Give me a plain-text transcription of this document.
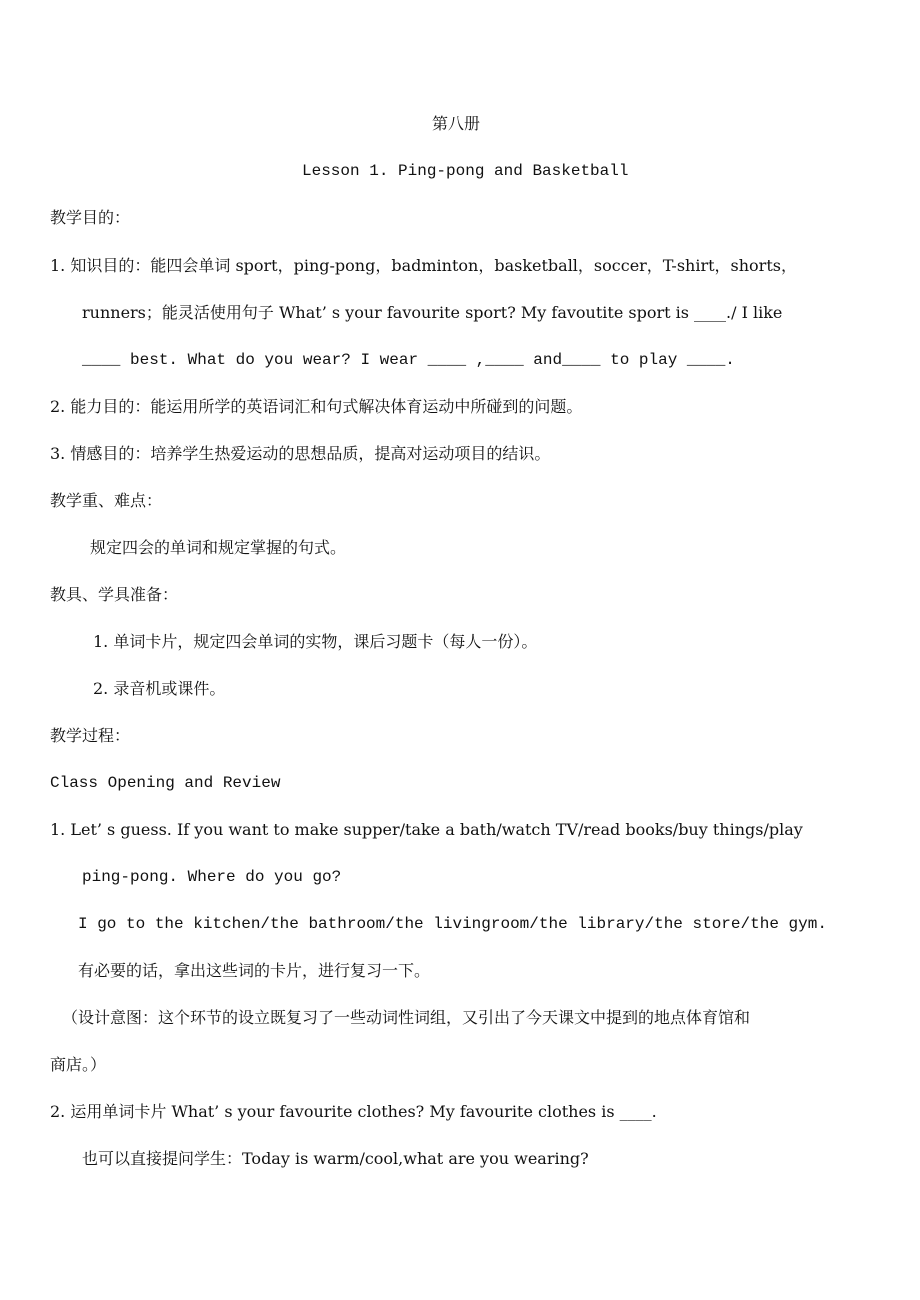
第八册
Lesson 1. Ping-pong and Basketball
教学目的：
1. 知识目的：能四会单词 sport，ping-pong，badminton，basketball，soccer，T-shirt，shorts，
runners；能灵活使用句子 What’ s your favourite sport? My favoutite sport is ____./ I like
____ best. What do you wear? I wear ____ ,____ and____ to play ____.
2. 能力目的：能运用所学的英语词汇和句式解决体育运动中所碰到的问题。
3. 情感目的：培养学生热爱运动的思想品质，提高对运动项目的结识。
教学重、难点：
规定四会的单词和规定掌握的句式。
教具、学具准备：
1. 单词卡片，规定四会单词的实物，课后习题卡（每人一份）。
2. 录音机或课件。
教学过程：
Class Opening and Review
1. Let’ s guess. If you want to make supper/take a bath/watch TV/read books/buy things/play
ping-pong. Where do you go?
I go to the kitchen/the bathroom/the livingroom/the library/the store/the gym.
有必要的话，拿出这些词的卡片，进行复习一下。
（设计意图：这个环节的设立既复习了一些动词性词组，又引出了今天课文中提到的地点体育馆和
商店。）
2. 运用单词卡片 What’ s your favourite clothes? My favourite clothes is ____.
也可以直接提问学生：Today is warm/cool,what are you wearing?
